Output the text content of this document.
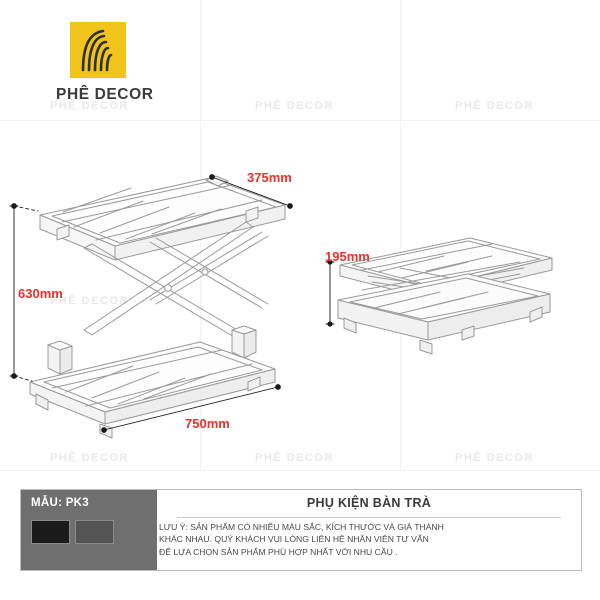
PHÊ DECOR	PHÊ DECOR	PHÊ DECOR
PHÊ DECOR
PHÊ DECOR	PHÊ DECOR	PHÊ DECOR
PHÊ DECOR
630mm
750mm
375mm
195mm
MẪU: PK3	PHỤ KIỆN BÀN TRÀ
LƯU Ý: SẢN PHẨM CÓ NHIỀU MÀU SẮC, KÍCH THƯỚC VÀ GIÁ THÀNH
KHÁC NHAU. QUÝ KHÁCH VUI LÒNG LIÊN HỆ NHÂN VIÊN TƯ VẤN
ĐỂ LỰA CHỌN SẢN PHẨM PHÙ HỢP NHẤT VỚI NHU CẦU .
